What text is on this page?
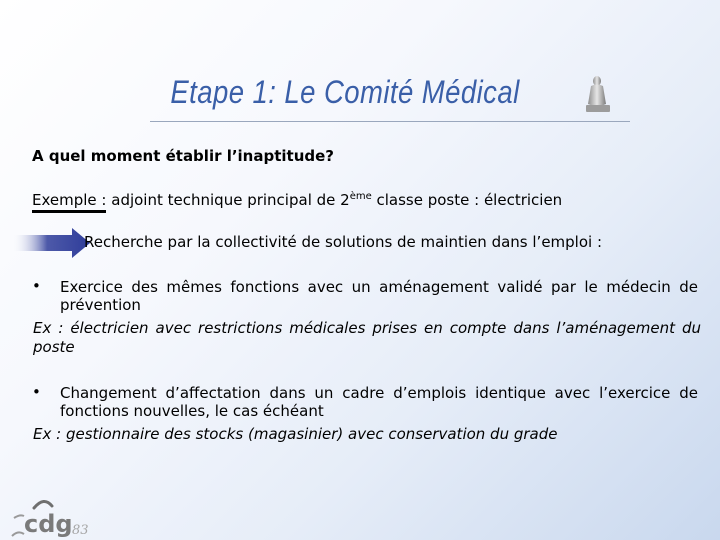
Etape 1: Le Comité Médical
A quel moment établir l’inaptitude?
Exemple : adjoint technique principal de 2ème classe poste : électricien
Recherche par la collectivité de solutions de maintien dans l’emploi :
• Exercice des mêmes fonctions avec un aménagement validé par le médecin de prévention
Ex : électricien avec restrictions médicales prises en compte dans l’aménagement du poste
• Changement d’affectation dans un cadre d’emplois identique avec l’exercice de fonctions nouvelles, le cas échéant
Ex : gestionnaire des stocks (magasinier) avec conservation du grade
cdg 83
